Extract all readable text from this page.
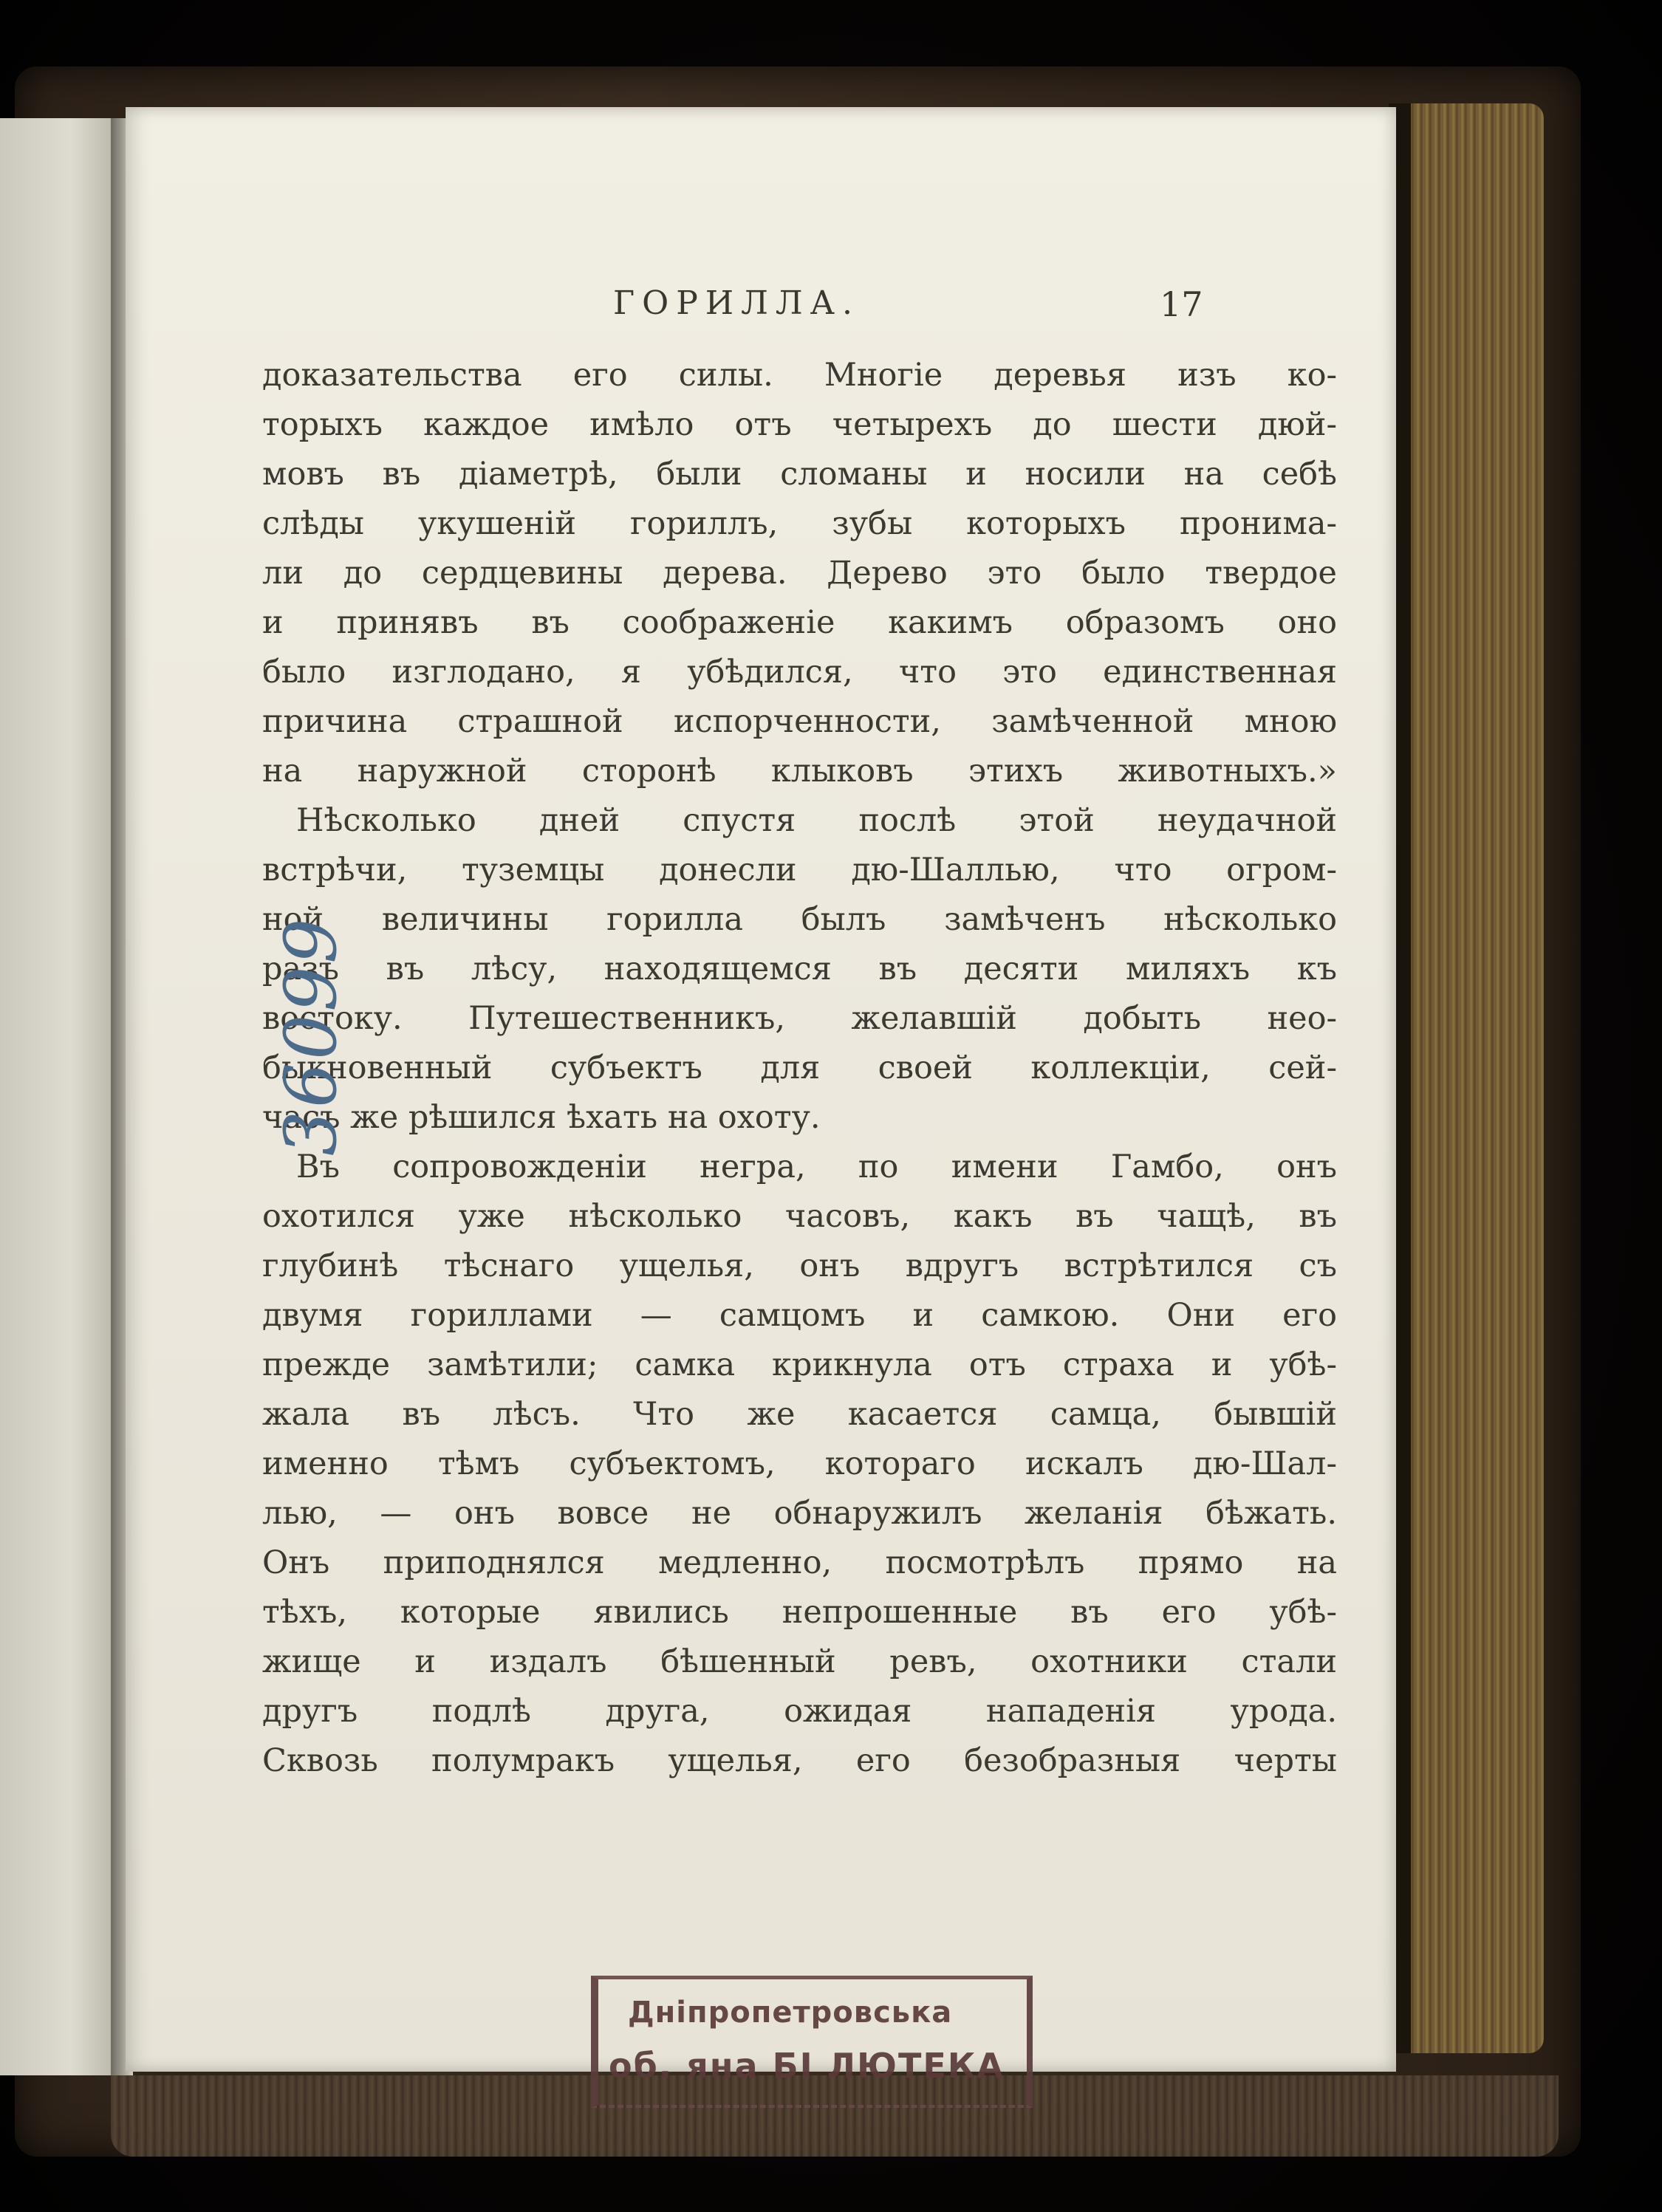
ГОРИЛЛА.	17
доказательства его силы. Многiе деревья изъ ко-
торыхъ каждое имѣло отъ четырехъ до шести дюй-
мовъ въ дiаметрѣ, были сломаны и носили на себѣ
слѣды укушенiй гориллъ, зубы которыхъ пронима-
ли до сердцевины дерева. Дерево это было твердое
и принявъ въ соображенiе какимъ образомъ оно
было изглодано, я убѣдился, что это единственная
причина страшной испорченности, замѣченной мною
на наружной сторонѣ клыковъ этихъ животныхъ.»
Нѣсколько дней спустя послѣ этой неудачной
встрѣчи, туземцы донесли дю-Шаллью, что огром-
ной величины горилла былъ замѣченъ нѣсколько
разъ въ лѣсу, находящемся въ десяти миляхъ къ
востоку. Путешественникъ, желавшiй добыть нео-
быкновенный субъектъ для своей коллекцiи, сей-
часъ же рѣшился ѣхать на охоту.
Въ сопровожденiи негра, по имени Гамбо, онъ
охотился уже нѣсколько часовъ, какъ въ чащѣ, въ
глубинѣ тѣснаго ущелья, онъ вдругъ встрѣтился съ
двумя гориллами — самцомъ и самкою. Они его
прежде замѣтили; самка крикнула отъ страха и убѣ-
жала въ лѣсъ. Что же касается самца, бывшiй
именно тѣмъ субъектомъ, котораго искалъ дю-Шал-
лью, — онъ вовсе не обнаружилъ желанiя бѣжать.
Онъ приподнялся медленно, посмотрѣлъ прямо на
тѣхъ, которые явились непрошенные въ его убѣ-
жище и издалъ бѣшенный ревъ, охотники стали
другъ подлѣ друга, ожидая нападенiя урода.
Сквозь полумракъ ущелья, его безобразныя черты
36099
Днiпропетровська
об. яна БI ЛЮТЕКА
